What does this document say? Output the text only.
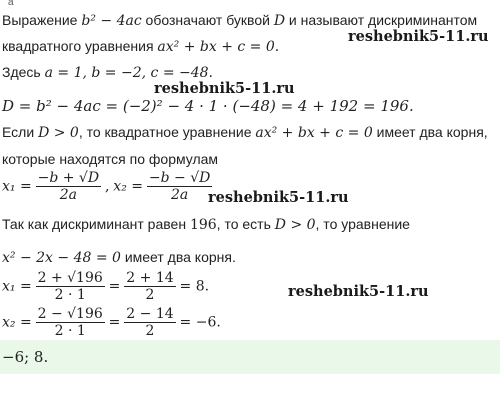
a
Выражение b² − 4ac обозначают буквой D и называют дискриминантом
квадратного уравнения ax² + bx + c = 0.
reshebnik5-11.ru
Здесь a = 1, b = −2, c = −48.
reshebnik5-11.ru
D = b² − 4ac = (−2)² − 4 · 1 · (−48) = 4 + 192 = 196.
Если D > 0, то квадратное уравнение ax² + bx + c = 0 имеет два корня,
которые находятся по формулам
$x_1 = \frac{-b + √D}{2a}$ , $x_2 = \frac{-b - √D}{2a}$
reshebnik5-11.ru
Так как дискриминант равен 196, то есть D > 0, то уравнение
x² − 2x − 48 = 0 имеет два корня.
$x_1 = \frac{2 + √196}{2 \cdot 1} = \frac{2 + 14}{2} = 8$.	reshebnik5-11.ru
$x_2 = \frac{2 - √196}{2 \cdot 1} = \frac{2 - 14}{2} = -6$.
−6; 8.
